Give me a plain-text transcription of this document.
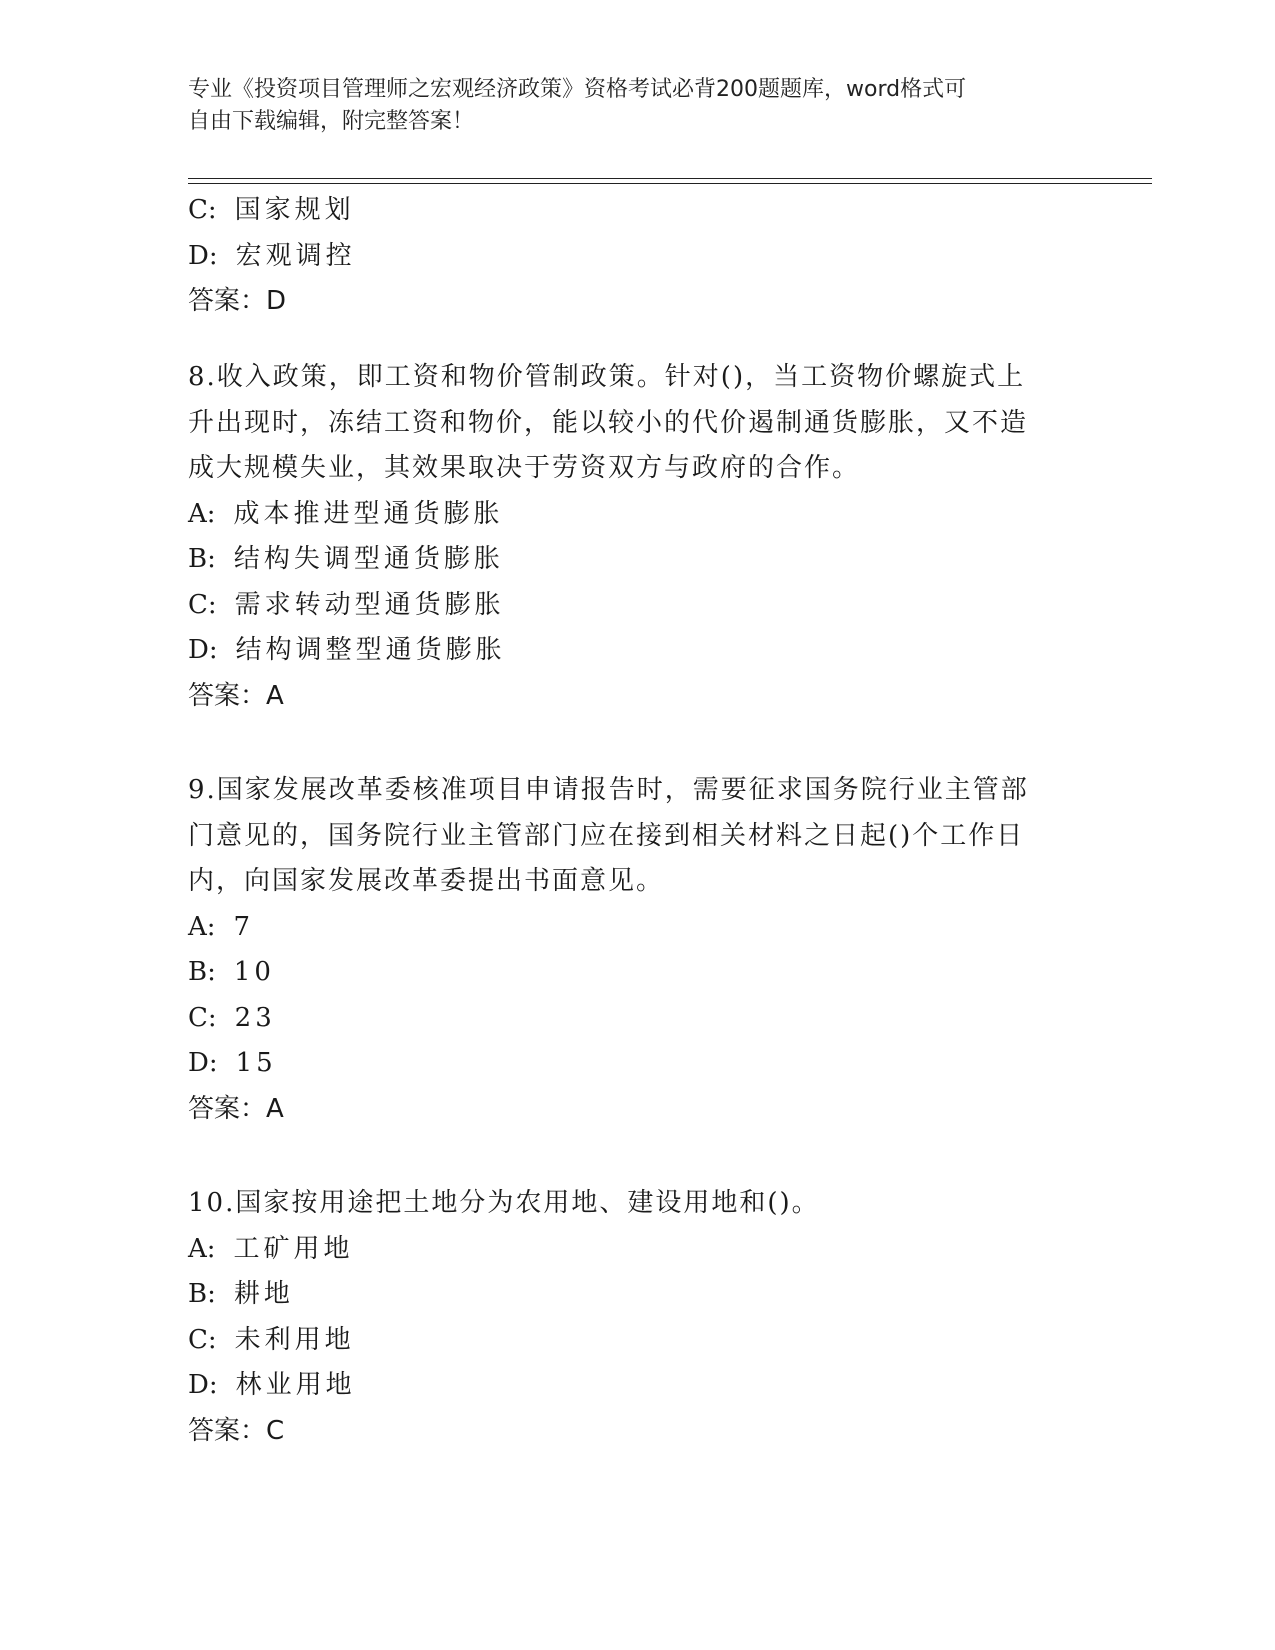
专业《投资项目管理师之宏观经济政策》资格考试必背200题题库，word格式可
自由下载编辑，附完整答案！
C: 国家规划
D: 宏观调控
答案：D
8.收入政策，即工资和物价管制政策。针对()，当工资物价螺旋式上
升出现时，冻结工资和物价，能以较小的代价遏制通货膨胀，又不造
成大规模失业，其效果取决于劳资双方与政府的合作。
A: 成本推进型通货膨胀
B: 结构失调型通货膨胀
C: 需求转动型通货膨胀
D: 结构调整型通货膨胀
答案：A
9.国家发展改革委核准项目申请报告时，需要征求国务院行业主管部
门意见的，国务院行业主管部门应在接到相关材料之日起()个工作日
内，向国家发展改革委提出书面意见。
A: 7
B: 10
C: 23
D: 15
答案：A
10.国家按用途把土地分为农用地、建设用地和()。
A: 工矿用地
B: 耕地
C: 未利用地
D: 林业用地
答案：C
